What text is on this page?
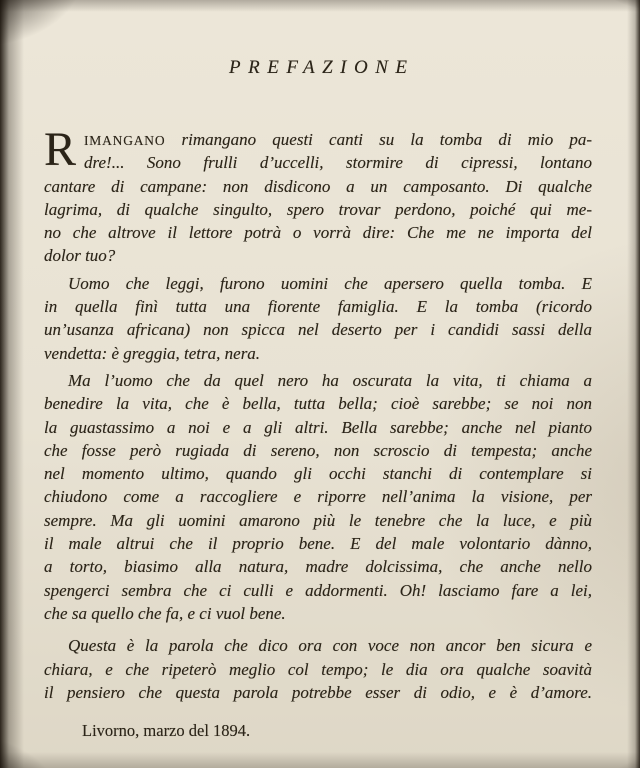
PREFAZIONE
RIMANGANO rimangano questi canti su la tomba di mio pa-
dre!... Sono frulli d’uccelli, stormire di cipressi, lontano
cantare di campane: non disdicono a un camposanto. Di qualche
lagrima, di qualche singulto, spero trovar perdono, poiché qui me-
no che altrove il lettore potrà o vorrà dire: Che me ne importa del
dolor tuo?
Uomo che leggi, furono uomini che apersero quella tomba. E
in quella finì tutta una fiorente famiglia. E la tomba (ricordo
un’usanza africana) non spicca nel deserto per i candidi sassi della
vendetta: è greggia, tetra, nera.
Ma l’uomo che da quel nero ha oscurata la vita, ti chiama a
benedire la vita, che è bella, tutta bella; cioè sarebbe; se noi non
la guastassimo a noi e a gli altri. Bella sarebbe; anche nel pianto
che fosse però rugiada di sereno, non scroscio di tempesta; anche
nel momento ultimo, quando gli occhi stanchi di contemplare si
chiudono come a raccogliere e riporre nell’anima la visione, per
sempre. Ma gli uomini amarono più le tenebre che la luce, e più
il male altrui che il proprio bene. E del male volontario dànno,
a torto, biasimo alla natura, madre dolcissima, che anche nello
spengerci sembra che ci culli e addormenti. Oh! lasciamo fare a lei,
che sa quello che fa, e ci vuol bene.
Questa è la parola che dico ora con voce non ancor ben sicura e
chiara, e che ripeterò meglio col tempo; le dia ora qualche soavità
il pensiero che questa parola potrebbe esser di odio, e è d’amore.
Livorno, marzo del 1894.
